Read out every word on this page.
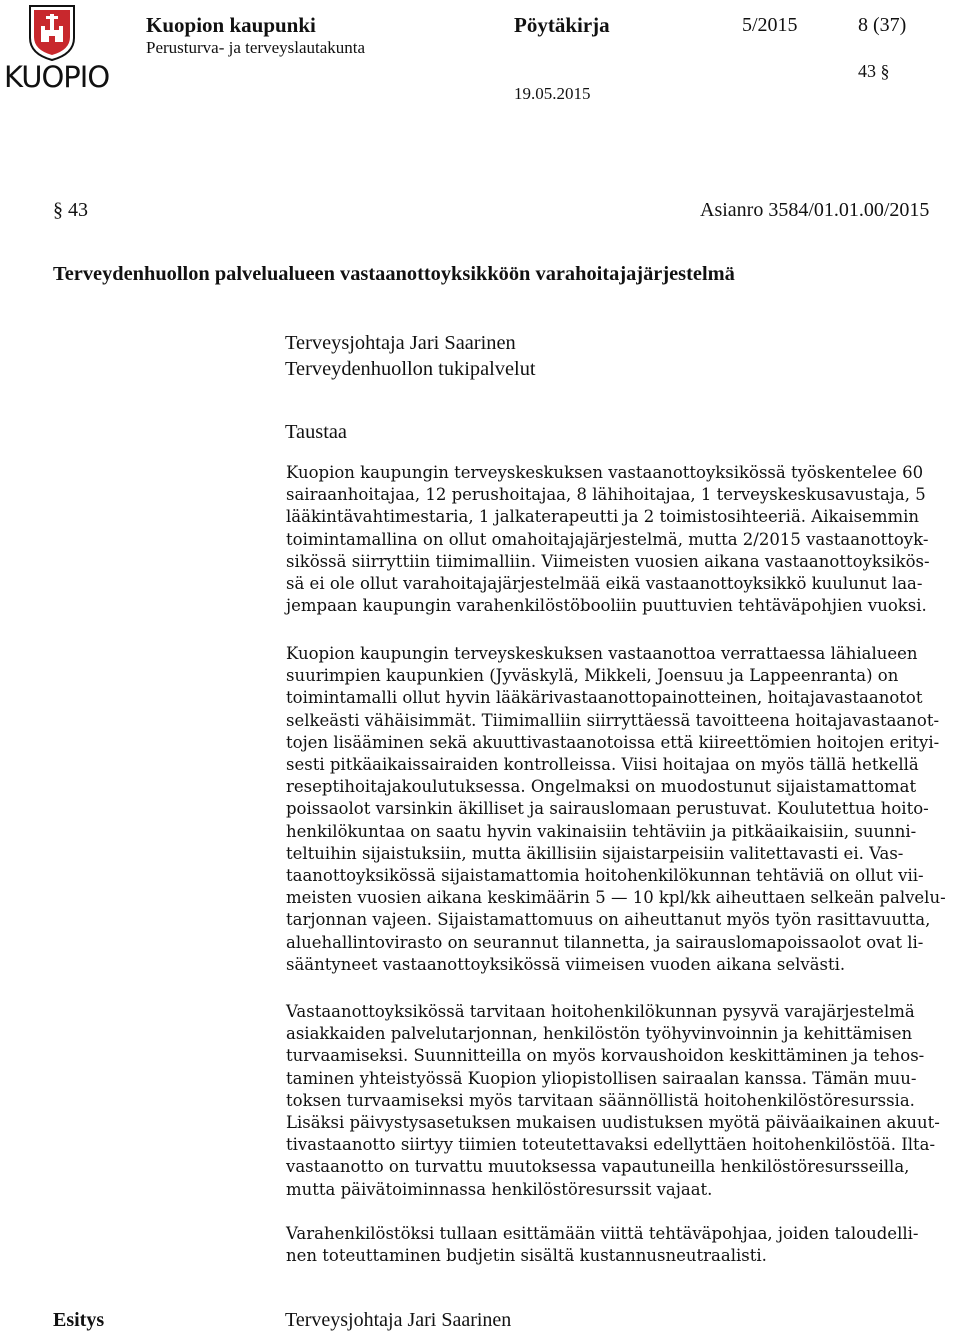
KUOPIO
Kuopion kaupunki
Perusturva- ja terveyslautakunta
Pöytäkirja	5/2015	8 (37)
43 §
19.05.2015
§ 43	Asianro 3584/01.01.00/2015
Terveydenhuollon palvelualueen vastaanottoyksikköön varahoitajajärjestelmä
Terveysjohtaja Jari Saarinen
Terveydenhuollon tukipalvelut
Taustaa
Kuopion kaupungin terveyskeskuksen vastaanottoyksikössä työskentelee 60
sairaanhoitajaa, 12 perushoitajaa, 8 lähihoitajaa, 1 terveyskeskusavustaja, 5
lääkintävahtimestaria, 1 jalkaterapeutti ja 2 toimistosihteeriä. Aikaisemmin
toimintamallina on ollut omahoitajajärjestelmä, mutta 2/2015 vastaanottoyk-
sikössä siirryttiin tiimimalliin. Viimeisten vuosien aikana vastaanottoyksikös-
sä ei ole ollut varahoitajajärjestelmää eikä vastaanottoyksikkö kuulunut laa-
jempaan kaupungin varahenkilöstöbooliin puuttuvien tehtäväpohjien vuoksi.
Kuopion kaupungin terveyskeskuksen vastaanottoa verrattaessa lähialueen
suurimpien kaupunkien (Jyväskylä, Mikkeli, Joensuu ja Lappeenranta) on
toimintamalli ollut hyvin lääkärivastaanottopainotteinen, hoitajavastaanotot
selkeästi vähäisimmät. Tiimimalliin siirryttäessä tavoitteena hoitajavastaanot-
tojen lisääminen sekä akuuttivastaanotoissa että kiireettömien hoitojen erityi-
sesti pitkäaikaissairaiden kontrolleissa. Viisi hoitajaa on myös tällä hetkellä
reseptihoitajakoulutuksessa. Ongelmaksi on muodostunut sijaistamattomat
poissaolot varsinkin äkilliset ja sairauslomaan perustuvat. Koulutettua hoito-
henkilökuntaa on saatu hyvin vakinaisiin tehtäviin ja pitkäaikaisiin, suunni-
teltuihin sijaistuksiin, mutta äkillisiin sijaistarpeisiin valitettavasti ei. Vas-
taanottoyksikössä sijaistamattomia hoitohenkilökunnan tehtäviä on ollut vii-
meisten vuosien aikana keskimäärin 5 — 10 kpl/kk aiheuttaen selkeän palvelu-
tarjonnan vajeen. Sijaistamattomuus on aiheuttanut myös työn rasittavuutta,
aluehallintovirasto on seurannut tilannetta, ja sairauslomapoissaolot ovat li-
sääntyneet vastaanottoyksikössä viimeisen vuoden aikana selvästi.
Vastaanottoyksikössä tarvitaan hoitohenkilökunnan pysyvä varajärjestelmä
asiakkaiden palvelutarjonnan, henkilöstön työhyvinvoinnin ja kehittämisen
turvaamiseksi. Suunnitteilla on myös korvaushoidon keskittäminen ja tehos-
taminen yhteistyössä Kuopion yliopistollisen sairaalan kanssa. Tämän muu-
toksen turvaamiseksi myös tarvitaan säännöllistä hoitohenkilöstöresurssia.
Lisäksi päivystysasetuksen mukaisen uudistuksen myötä päiväaikainen akuut-
tivastaanotto siirtyy tiimien toteutettavaksi edellyttäen hoitohenkilöstöä. Ilta-
vastaanotto on turvattu muutoksessa vapautuneilla henkilöstöresursseilla,
mutta päivätoiminnassa henkilöstöresurssit vajaat.
Varahenkilöstöksi tullaan esittämään viittä tehtäväpohjaa, joiden taloudelli-
nen toteuttaminen budjetin sisältä kustannusneutraalisti.
Esitys	Terveysjohtaja Jari Saarinen
